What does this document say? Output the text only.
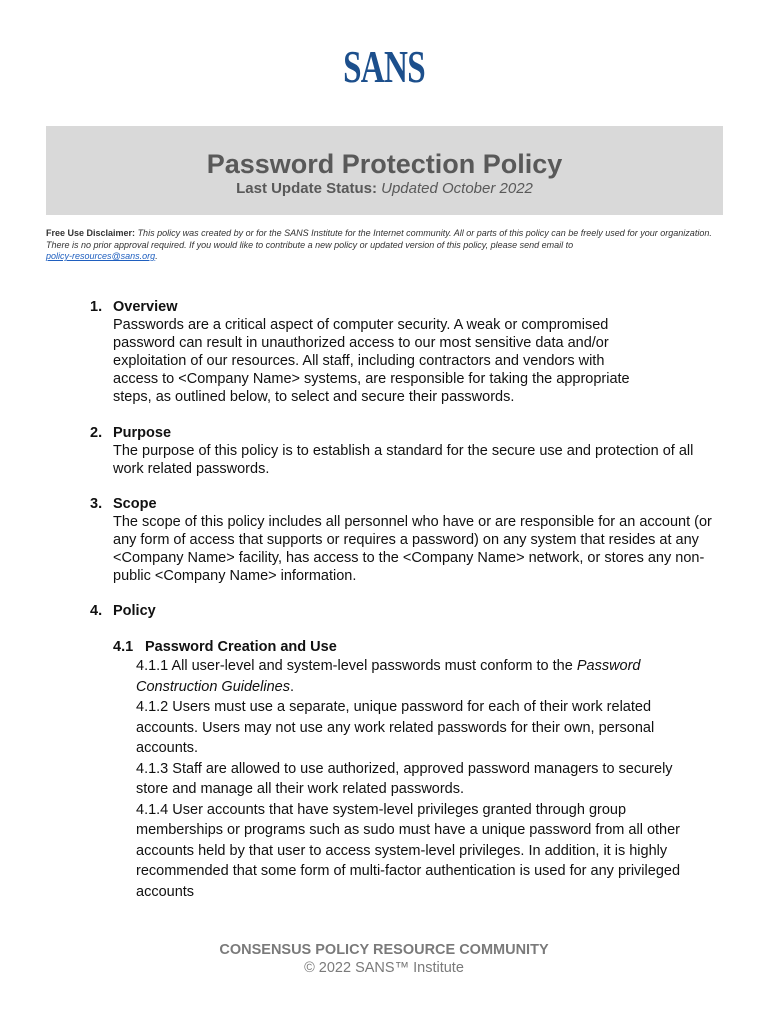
SANS
Password Protection Policy
Last Update Status: Updated October 2022
Free Use Disclaimer: This policy was created by or for the SANS Institute for the Internet community. All or parts of this policy can be freely used for your organization. There is no prior approval required. If you would like to contribute a new policy or updated version of this policy, please send email to
policy-resources@sans.org.
1. Overview
Passwords are a critical aspect of computer security. A weak or compromised password can result in unauthorized access to our most sensitive data and/or exploitation of our resources. All staff, including contractors and vendors with access to <Company Name> systems, are responsible for taking the appropriate steps, as outlined below, to select and secure their passwords.
2. Purpose
The purpose of this policy is to establish a standard for the secure use and protection of all work related passwords.
3. Scope
The scope of this policy includes all personnel who have or are responsible for an account (or any form of access that supports or requires a password) on any system that resides at any <Company Name> facility, has access to the <Company Name> network, or stores any non-public <Company Name> information.
4. Policy
4.1 Password Creation and Use

4.1.1 All user-level and system-level passwords must conform to the Password Construction Guidelines.

4.1.2 Users must use a separate, unique password for each of their work related accounts. Users may not use any work related passwords for their own, personal accounts.

4.1.3 Staff are allowed to use authorized, approved password managers to securely store and manage all their work related passwords.

4.1.4 User accounts that have system-level privileges granted through group memberships or programs such as sudo must have a unique password from all other accounts held by that user to access system-level privileges. In addition, it is highly recommended that some form of multi-factor authentication is used for any privileged accounts

CONSENSUS POLICY RESOURCE COMMUNITY
© 2022 SANS™ Institute
